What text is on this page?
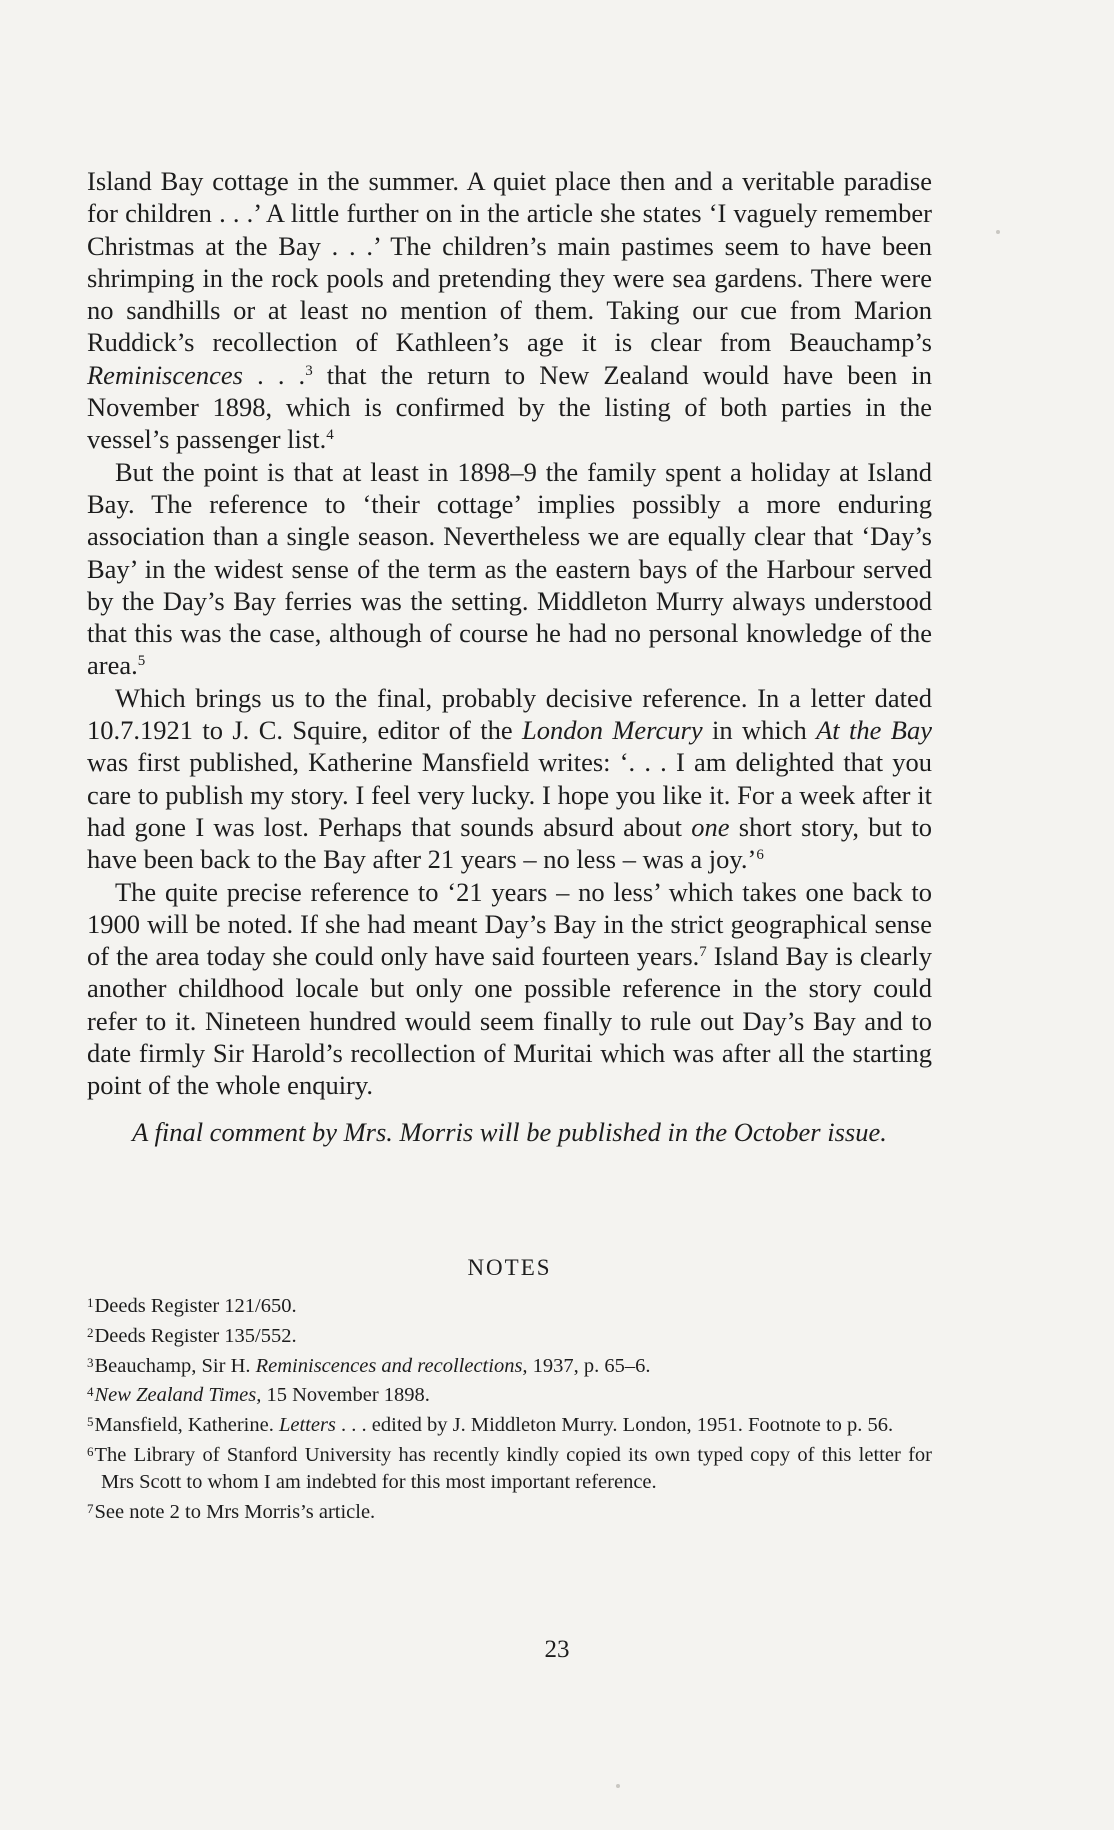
Island Bay cottage in the summer. A quiet place then and a veritable paradise for children . . .’ A little further on in the article she states ‘I vaguely remember Christmas at the Bay . . .’ The children’s main pastimes seem to have been shrimping in the rock pools and pretending they were sea gardens. There were no sandhills or at least no mention of them. Taking our cue from Marion Ruddick’s recollection of Kathleen’s age it is clear from Beauchamp’s Reminiscences . . .$^3$ that the return to New Zealand would have been in November 1898, which is confirmed by the listing of both parties in the vessel’s passenger list.$^4$

But the point is that at least in 1898–9 the family spent a holiday at Island Bay. The reference to ‘their cottage’ implies possibly a more enduring association than a single season. Nevertheless we are equally clear that ‘Day’s Bay’ in the widest sense of the term as the eastern bays of the Harbour served by the Day’s Bay ferries was the setting. Middleton Murry always understood that this was the case, although of course he had no personal knowledge of the area.$^5$

Which brings us to the final, probably decisive reference. In a letter dated 10.7.1921 to J. C. Squire, editor of the London Mercury in which At the Bay was first published, Katherine Mansfield writes: ‘. . . I am delighted that you care to publish my story. I feel very lucky. I hope you like it. For a week after it had gone I was lost. Perhaps that sounds absurd about one short story, but to have been back to the Bay after 21 years – no less – was a joy.’$^6$

The quite precise reference to ‘21 years – no less’ which takes one back to 1900 will be noted. If she had meant Day’s Bay in the strict geographical sense of the area today she could only have said fourteen years.$^7$ Island Bay is clearly another childhood locale but only one possible reference in the story could refer to it. Nineteen hundred would seem finally to rule out Day’s Bay and to date firmly Sir Harold’s recollection of Muritai which was after all the starting point of the whole enquiry.

A final comment by Mrs. Morris will be published in the October issue.

NOTES
$^1$Deeds Register 121/650.
$^2$Deeds Register 135/552.
$^3$Beauchamp, Sir H. Reminiscences and recollections, 1937, p. 65–6.
$^4$New Zealand Times, 15 November 1898.
$^5$Mansfield, Katherine. Letters . . . edited by J. Middleton Murry. London, 1951. Footnote to p. 56.
$^6$The Library of Stanford University has recently kindly copied its own typed copy of this letter for Mrs Scott to whom I am indebted for this most important reference.
$^7$See note 2 to Mrs Morris’s article.
23
